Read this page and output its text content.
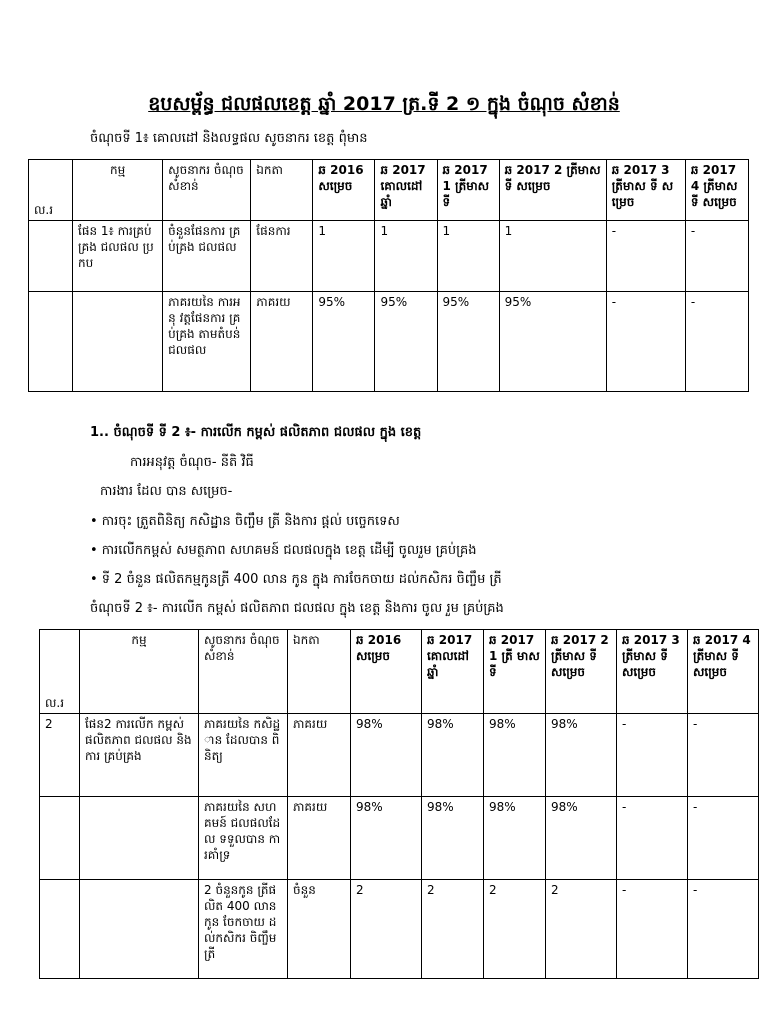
ឧបសម្ព័ន្ធ ជលផលខេត្ត ឆ្នាំ 2017 ត្រ.ទី 2 ១ ក្នុង ចំណុច សំខាន់
ចំណុចទី 1៖ គោលដៅ និងលទ្ធផល សូចនាករ ខេត្ត ពុំមាន
ល.រ	កម្ម	សូចនាករ ចំណុចសំខាន់	ឯកតា	ឆ 2016 សម្រេច	ឆ 2017 គោលដៅ ឆ្នាំ	ឆ 2017 1 ត្រីមាស ទី	ឆ 2017 2 ត្រីមាស ទី សម្រេច	ឆ 2017 3 ត្រីមាស ទី សម្រេច	ឆ 2017 4 ត្រីមាស ទី សម្រេច
	ផែន 1៖ ការគ្រប់គ្រង ជលផល ប្រកប	ចំនួនផែនការ គ្រប់គ្រង ជលផល	ផែនការ	1	1	1	1	-	-
		ភាគរយនៃ ការអនុ វត្តផែនការ គ្រប់គ្រង តាមតំបន់ ជលផល	ភាគរយ	95%	95%	95%	95%	-	-
1.. ចំណុចទី ទី 2 ៖- ការលើក កម្ពស់ ផលិតភាព ជលផល ក្នុង ខេត្ត
ការអនុវត្ត ចំណុច- នីតិ វិធី
ការងារ ដែល បាន សម្រេច-
• ការចុះ ត្រួតពិនិត្យ កសិដ្ឋាន ចិញ្ចឹម ត្រី និងការ ផ្តល់ បច្ចេកទេស
• ការលើកកម្ពស់ សមត្ថភាព សហគមន៍ ជលផលក្នុង ខេត្ត ដើម្បី ចូលរួម គ្រប់គ្រង
• ទី 2 ចំនួន ផលិតកម្មកូនត្រី 400 លាន កូន ក្នុង ការចែកចាយ ដល់កសិករ ចិញ្ចឹម ត្រី
ចំណុចទី 2 ៖- ការលើក កម្ពស់ ផលិតភាព ជលផល ក្នុង ខេត្ត និងការ ចូល រួម គ្រប់គ្រង
ល.រ	កម្ម	សូចនាករ ចំណុចសំខាន់	ឯកតា	ឆ 2016 សម្រេច	ឆ 2017 គោលដៅ ឆ្នាំ	ឆ 2017 1 ត្រី មាស ទី	ឆ 2017 2 ត្រីមាស ទី សម្រេច	ឆ 2017 3 ត្រីមាស ទី សម្រេច	ឆ 2017 4 ត្រីមាស ទី សម្រេច
2	ផែន2 ការលើក កម្ពស់ ផលិតភាព ជលផល និងការ គ្រប់គ្រង	ភាគរយនៃ កសិដ្ឋាន ដែលបាន ពិនិត្យ	ភាគរយ	98%	98%	98%	98%	-	-
		ភាគរយនៃ សហគមន៍ ជលផលដែល ទទួលបាន ការគាំទ្រ	ភាគរយ	98%	98%	98%	98%	-	-
		2 ចំនួនកូន ត្រីផលិត 400 លាន កូន ចែកចាយ ដល់កសិករ ចិញ្ចឹមត្រី	ចំនួន	2	2	2	2	-	-
